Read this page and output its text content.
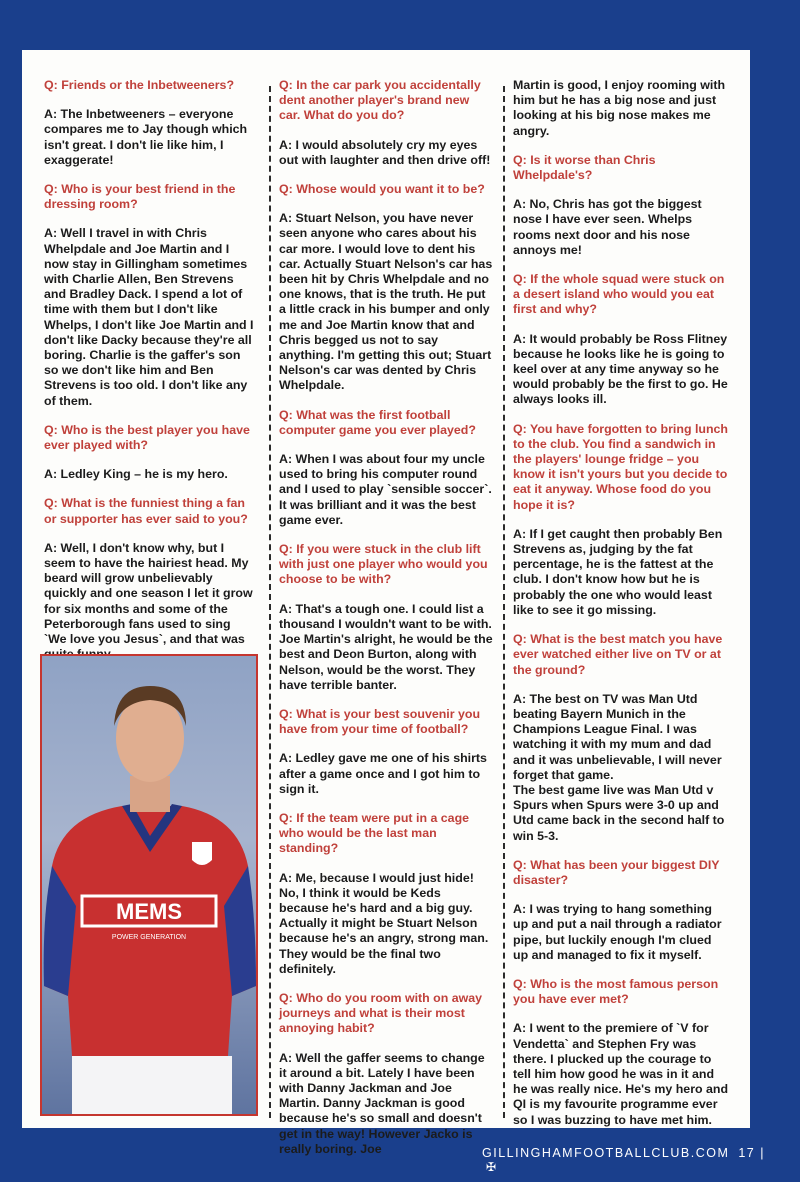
Q: Friends or the Inbetweeners?

A: The Inbetweeners – everyone compares me to Jay though which isn't great. I don't lie like him, I exaggerate!

Q: Who is your best friend in the dressing room?

A: Well I travel in with Chris Whelpdale and Joe Martin and I now stay in Gillingham sometimes with Charlie Allen, Ben Strevens and Bradley Dack. I spend a lot of time with them but I don't like Whelps, I don't like Joe Martin and I don't like Dacky because they're all boring. Charlie is the gaffer's son so we don't like him and Ben Strevens is too old. I don't like any of them.

Q: Who is the best player you have ever played with?

A: Ledley King – he is my hero.

Q: What is the funniest thing a fan or supporter has ever said to you?

A: Well, I don't know why, but I seem to have the hairiest head. My beard will grow unbelievably quickly and one season I let it grow for six months and some of the Peterborough fans used to sing `We love you Jesus`, and that was

Q: In the car park you accidentally dent another player's brand new car. What do you do?

A: I would absolutely cry my eyes out with laughter and then drive off!

Q: Whose would you want it to be?

A: Stuart Nelson, you have never seen anyone who cares about his car more. I would love to dent his car. Actually Stuart Nelson's car has been hit by Chris Whelpdale and no one knows, that is the truth. He put a little crack in his bumper and only me and Joe Martin know that and Chris begged us not to say anything. I'm getting this out; Stuart Nelson's car was dented by Chris Whelpdale.

Q: What was the first football computer game you ever played?

A: When I was about four my uncle used to bring his computer round and I used to play `sensible soccer`. It was brilliant and it was the best game ever.

Q: If you were stuck in the club lift with just one player who would you choose to be with?

A: That's a tough one. I could list a thousand I wouldn't want to be with. Joe Martin's alright, he would be the best and Deon Burton, along with Nelson, would be the worst. They have terrible banter.

Q: What is your best souvenir you have from your time of football?

A: Ledley gave me one of his shirts after a game once and I got him to sign it.

Q: If the team were put in a cage who would be the last man standing?

A: Me, because I would just hide! No, I think it would be Keds because he's hard and a big guy. Actually it might be Stuart Nelson because he's an angry, strong man. They would be the final two definitely.

Q: Who do you room with on away journeys and what is their most annoying habit?

A: Well the gaffer seems to change it around a bit. Lately I have been with Danny Jackman and Joe Martin. Danny Jackman is good because he's so small and doesn't get in the way! However Jacko is really boring. Joe

Martin is good, I enjoy rooming with him but he has a big nose and just looking at his big nose makes me angry.

Q: Is it worse than Chris Whelpdale's?

A: No, Chris has got the biggest nose I have ever seen. Whelps rooms next door and his nose annoys me!

Q: If the whole squad were stuck on a desert island who would you eat first and why?

A: It would probably be Ross Flitney because he looks like he is going to keel over at any time anyway so he would probably be the first to go. He always looks ill.

Q: You have forgotten to bring lunch to the club. You find a sandwich in the players' lounge fridge – you know it isn't yours but you decide to eat it anyway. Whose food do you hope it is?

A: If I get caught then probably Ben Strevens as, judging by the fat percentage, he is the fattest at the club. I don't know how but he is probably the one who would least like to see it go missing.

Q: What is the best match you have ever watched either live on TV or at the ground?

A: The best on TV was Man Utd beating Bayern Munich in the Champions League Final. I was watching it with my mum and dad and it was unbelievable, I will never forget that game.
The best game live was Man Utd v Spurs when Spurs were 3-0 up and Utd came back in the second half to win 5-3.

Q: What has been your biggest DIY disaster?

A: I was trying to hang something up and put a nail through a radiator pipe, but luckily enough I'm clued up and managed to fix it myself.

Q: Who is the most famous person you have ever met?

A: I went to the premiere of `V for Vendetta` and Stephen Fry was there. I plucked up the courage to tell him how good he was in it and he was really nice. He's my hero and QI is my favourite programme ever so I was buzzing to have met him.

MEMS
POWER GENERATION
GILLINGHAMFOOTBALLCLUB.COM 17 | ✠
